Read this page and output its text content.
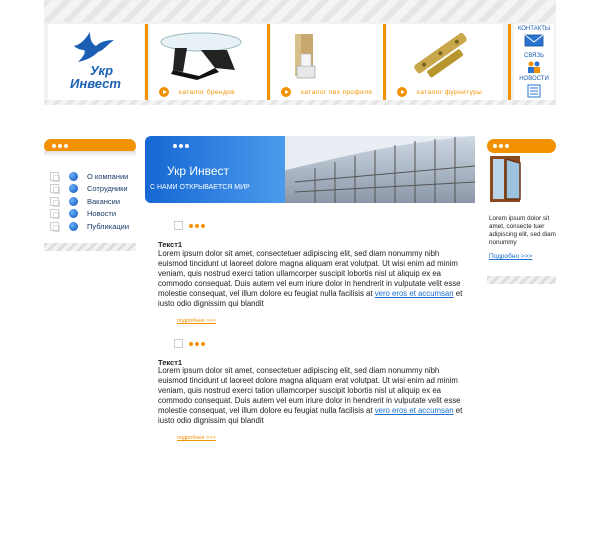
Укр
Инвест
каталог брендов	каталог пвх профиля	каталог фурнитуры
КОНТАКТЫ
СВЯЗЬ
НОВОСТИ
О компании
Сотрудники
Вакансии
Новости
Публикации
Укр Инвест
С НАМИ ОТКРЫВАЕТСЯ МИР
Текст1
Lorem ipsum dolor sit amet, consectetuer adipiscing elit, sed diam nonummy nibh euismod tincidunt ut laoreet dolore magna aliquam erat volutpat. Ut wisi enim ad minim veniam, quis nostrud exerci tation ullamcorper suscipit lobortis nisl ut aliquip ex ea commodo consequat. Duis autem vel eum iriure dolor in hendrerit in vulputate velit esse molestie consequat, vel illum dolore eu feugiat nulla facilisis at vero eros et accumsan et iusto odio dignissim qui blandit
подробнее >>>
Текст1
Lorem ipsum dolor sit amet, consectetuer adipiscing elit, sed diam nonummy nibh euismod tincidunt ut laoreet dolore magna aliquam erat volutpat. Ut wisi enim ad minim veniam, quis nostrud exerci tation ullamcorper suscipit lobortis nisl ut aliquip ex ea commodo consequat. Duis autem vel eum iriure dolor in hendrerit in vulputate velit esse molestie consequat, vel illum dolore eu feugiat nulla facilisis at vero eros et accumsan et iusto odio dignissim qui blandit
подробнее >>>
Lorem ipsum dolor sit amet, consecte tuer adipiscing elit, sed diam nonummy
Подробно >>>
